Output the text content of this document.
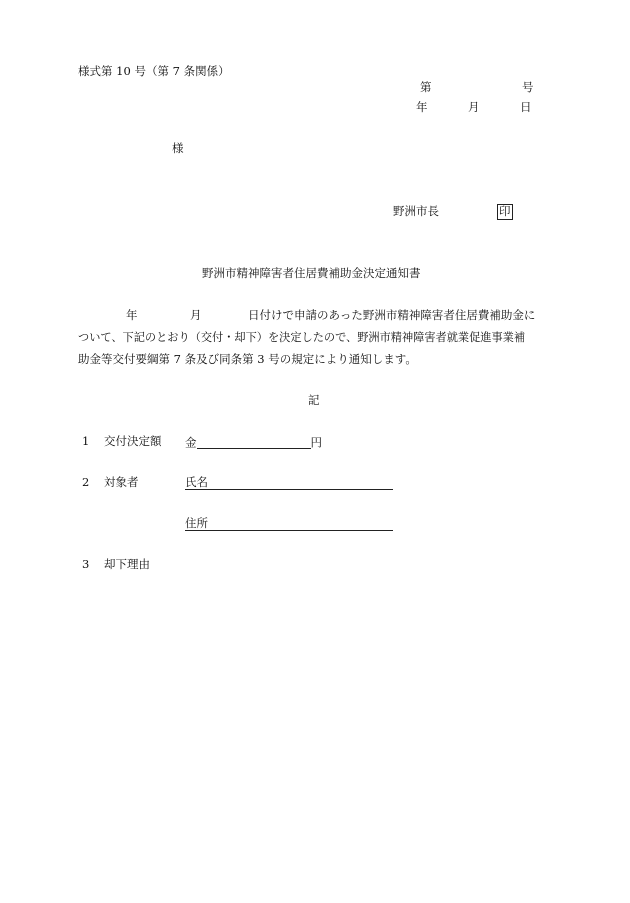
様式第 10 号（第 7 条関係）
第	号
年	月	日
様
野洲市長	印
野洲市精神障害者住居費補助金決定通知書
年	月	日付けで申請のあった野洲市精神障害者住居費補助金に
ついて、下記のとおり（交付・却下）を決定したので、野洲市精神障害者就業促進事業補
助金等交付要綱第 7 条及び同条第 3 号の規定により通知します。
記
1 交付決定額 金	円
2 対象者	氏名
住所
3 却下理由
